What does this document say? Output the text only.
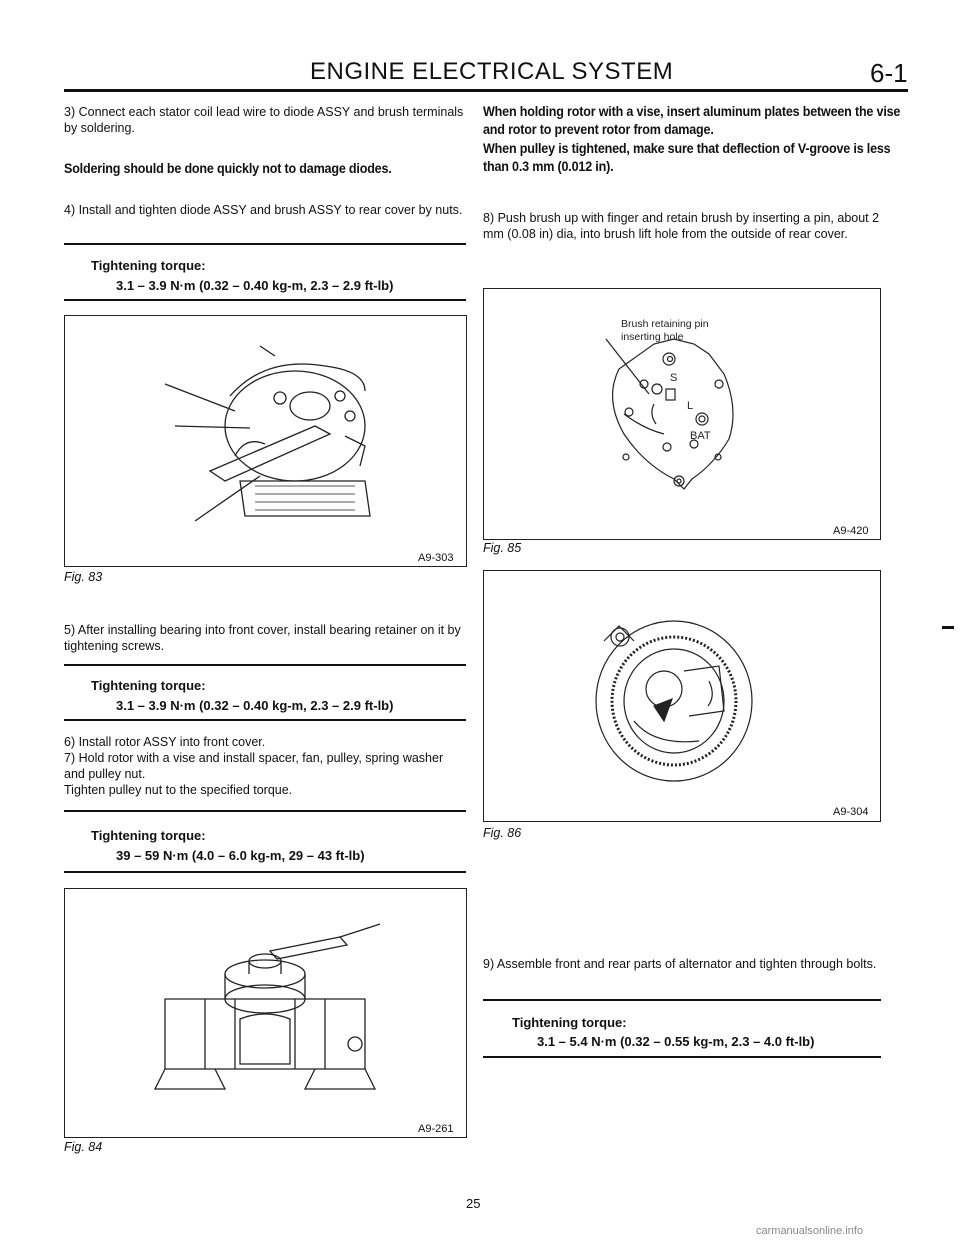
ENGINE ELECTRICAL SYSTEM	6-1
3) Connect each stator coil lead wire to diode ASSY and brush terminals by soldering.
Soldering should be done quickly not to damage diodes.
4) Install and tighten diode ASSY and brush ASSY to rear cover by nuts.
Tightening torque:
3.1 – 3.9 N·m (0.32 – 0.40 kg-m, 2.3 – 2.9 ft-lb)
A9-303
Fig. 83
5) After installing bearing into front cover, install bearing retainer on it by tightening screws.
Tightening torque:
3.1 – 3.9 N·m (0.32 – 0.40 kg-m, 2.3 – 2.9 ft-lb)
6) Install rotor ASSY into front cover.
7) Hold rotor with a vise and install spacer, fan, pulley, spring washer and pulley nut.
Tighten pulley nut to the specified torque.
Tightening torque:
39 – 59 N·m (4.0 – 6.0 kg-m, 29 – 43 ft-lb)
A9-261
Fig. 84
When holding rotor with a vise, insert aluminum plates between the vise and rotor to prevent rotor from damage.
When pulley is tightened, make sure that deflection of V-groove is less than 0.3 mm (0.012 in).
8) Push brush up with finger and retain brush by inserting a pin, about 2 mm (0.08 in) dia, into brush lift hole from the outside of rear cover.
Brush retaining pin
inserting hole
S
L
BAT
A9-420
Fig. 85
A9-304
Fig. 86
9) Assemble front and rear parts of alternator and tighten through bolts.
Tightening torque:
3.1 – 5.4 N·m (0.32 – 0.55 kg-m, 2.3 – 4.0 ft-lb)
25
carmanualsonline.info
